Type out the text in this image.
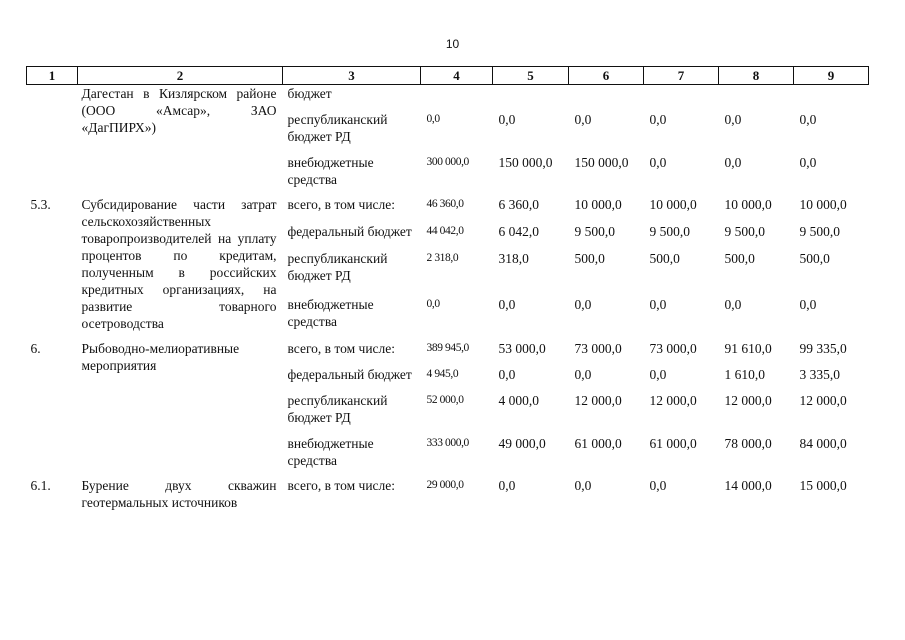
10
1	2	3	4	5	6	7	8	9
	Дагестан в Кизлярском районе (ООО «Амсар», ЗАО «ДагПИРХ»)	бюджет						

		республиканский бюджет РД	0,0	0,0	0,0	0,0	0,0	0,0

		внебюджетные средства	300 000,0	150 000,0	150 000,0	0,0	0,0	0,0

5.3.	Субсидирование части затрат сельскохозяйственных товаропроизводителей на уплату процентов по кредитам, полученным в российских кредитных организациях, на развитие товарного осетроводства	всего, в том числе:	46 360,0	6 360,0	10 000,0	10 000,0	10 000,0	10 000,0

		федеральный бюджет	44 042,0	6 042,0	9 500,0	9 500,0	9 500,0	9 500,0

		республиканский бюджет РД	2 318,0	318,0	500,0	500,0	500,0	500,0

		внебюджетные средства	0,0	0,0	0,0	0,0	0,0	0,0

6.	Рыбоводно-мелиоративные мероприятия	всего, в том числе:	389 945,0	53 000,0	73 000,0	73 000,0	91 610,0	99 335,0

		федеральный бюджет	4 945,0	0,0	0,0	0,0	1 610,0	3 335,0

		республиканский бюджет РД	52 000,0	4 000,0	12 000,0	12 000,0	12 000,0	12 000,0

		внебюджетные средства	333 000,0	49 000,0	61 000,0	61 000,0	78 000,0	84 000,0

6.1.	Бурение двух скважин геотермальных источников	всего, в том числе:	29 000,0	0,0	0,0	0,0	14 000,0	15 000,0
